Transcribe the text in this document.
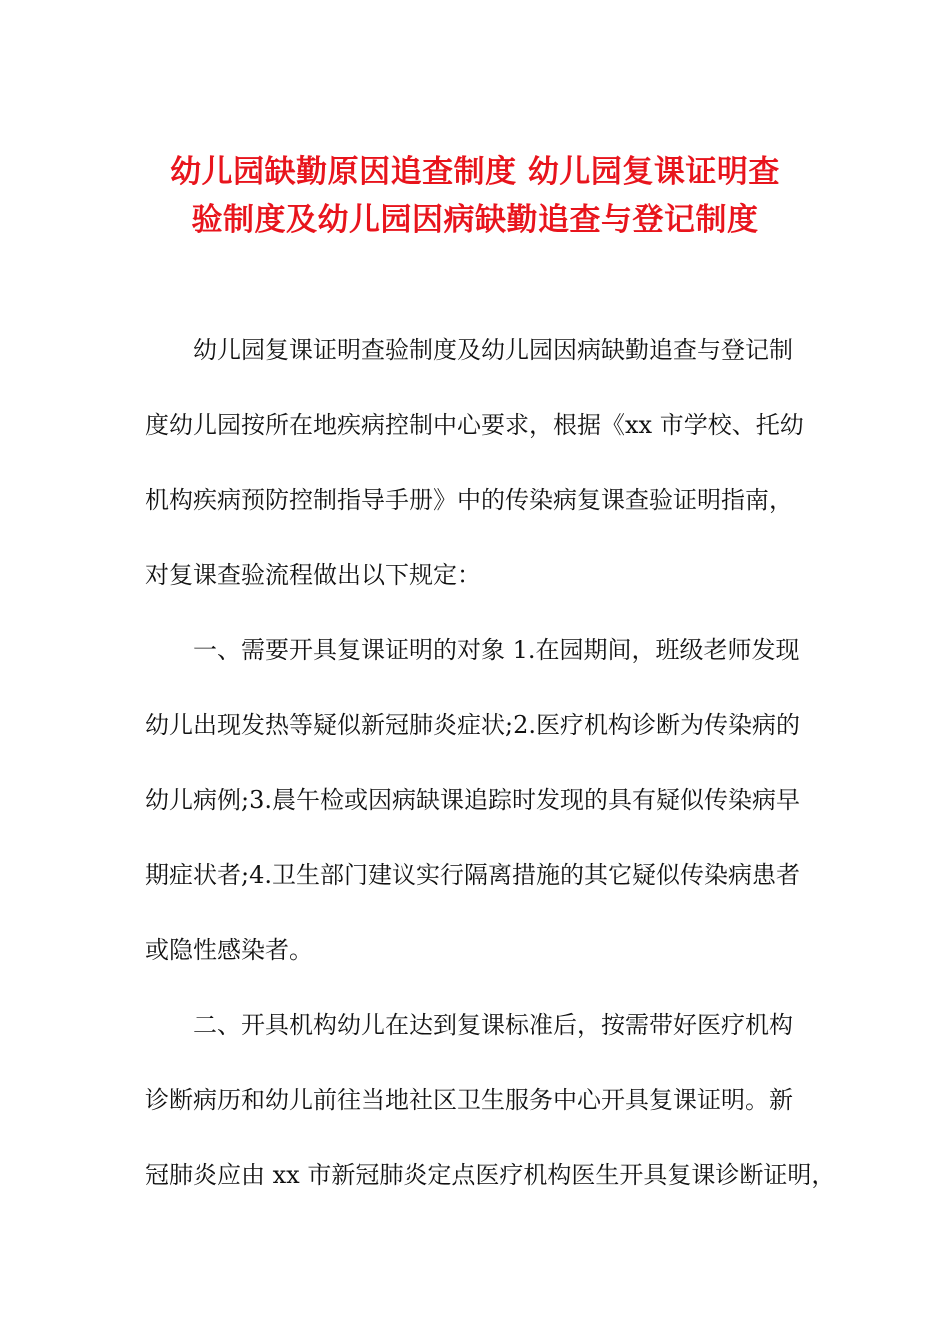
幼儿园缺勤原因追查制度 幼儿园复课证明查
验制度及幼儿园因病缺勤追查与登记制度
幼儿园复课证明查验制度及幼儿园因病缺勤追查与登记制
度幼儿园按所在地疾病控制中心要求，根据《xx 市学校、托幼
机构疾病预防控制指导手册》中的传染病复课查验证明指南，
对复课查验流程做出以下规定：
一、需要开具复课证明的对象 1.在园期间，班级老师发现
幼儿出现发热等疑似新冠肺炎症状;2.医疗机构诊断为传染病的
幼儿病例;3.晨午检或因病缺课追踪时发现的具有疑似传染病早
期症状者;4.卫生部门建议实行隔离措施的其它疑似传染病患者
或隐性感染者。
二、开具机构幼儿在达到复课标准后，按需带好医疗机构
诊断病历和幼儿前往当地社区卫生服务中心开具复课证明。新
冠肺炎应由 xx 市新冠肺炎定点医疗机构医生开具复课诊断证明，
